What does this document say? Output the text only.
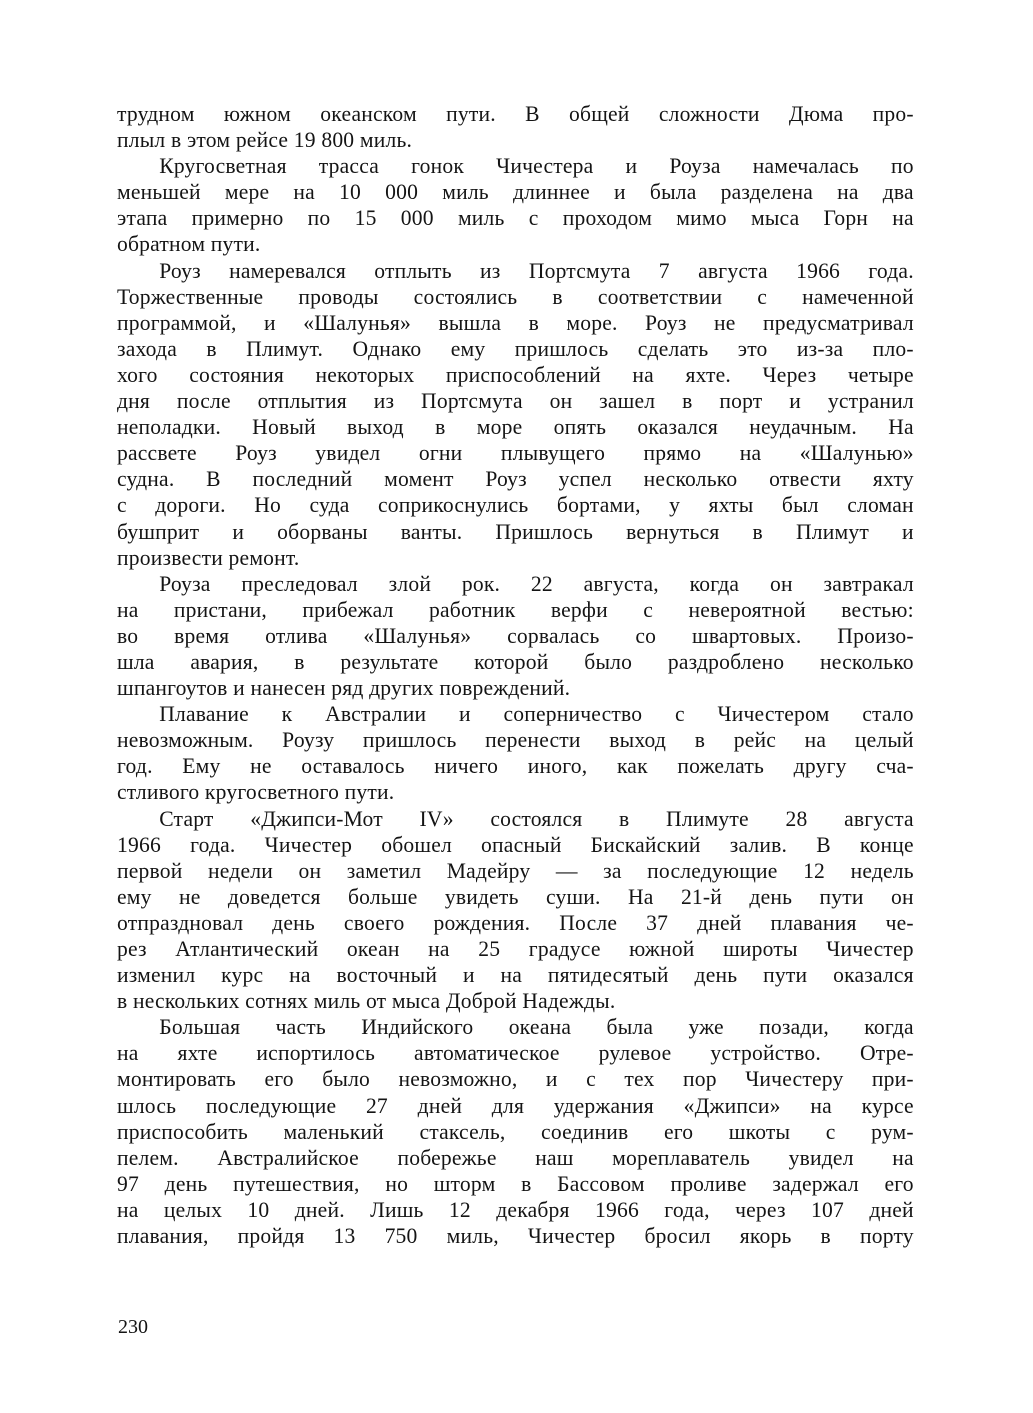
трудном южном океанском пути. В общей сложности Дюма про-
плыл в этом рейсе 19 800 миль.
Кругосветная трасса гонок Чичестера и Роуза намечалась по
меньшей мере на 10 000 миль длиннее и была разделена на два
этапа примерно по 15 000 миль с проходом мимо мыса Горн на
обратном пути.
Роуз намеревался отплыть из Портсмута 7 августа 1966 года.
Торжественные проводы состоялись в соответствии с намеченной
программой, и «Шалунья» вышла в море. Роуз не предусматривал
захода в Плимут. Однако ему пришлось сделать это из-за пло-
хого состояния некоторых приспособлений на яхте. Через четыре
дня после отплытия из Портсмута он зашел в порт и устранил
неполадки. Новый выход в море опять оказался неудачным. На
рассвете Роуз увидел огни плывущего прямо на «Шалунью»
судна. В последний момент Роуз успел несколько отвести яхту
с дороги. Но суда соприкоснулись бортами, у яхты был сломан
бушприт и оборваны ванты. Пришлось вернуться в Плимут и
произвести ремонт.
Роуза преследовал злой рок. 22 августа, когда он завтракал
на пристани, прибежал работник верфи с невероятной вестью:
во время отлива «Шалунья» сорвалась со швартовых. Произо-
шла авария, в результате которой было раздроблено несколько
шпангоутов и нанесен ряд других повреждений.
Плавание к Австралии и соперничество с Чичестером стало
невозможным. Роузу пришлось перенести выход в рейс на целый
год. Ему не оставалось ничего иного, как пожелать другу сча-
стливого кругосветного пути.
Старт «Джипси-Мот IV» состоялся в Плимуте 28 августа
1966 года. Чичестер обошел опасный Бискайский залив. В конце
первой недели он заметил Мадейру — за последующие 12 недель
ему не доведется больше увидеть суши. На 21-й день пути он
отпраздновал день своего рождения. После 37 дней плавания че-
рез Атлантический океан на 25 градусе южной широты Чичестер
изменил курс на восточный и на пятидесятый день пути оказался
в нескольких сотнях миль от мыса Доброй Надежды.
Большая часть Индийского океана была уже позади, когда
на яхте испортилось автоматическое рулевое устройство. Отре-
монтировать его было невозможно, и с тех пор Чичестеру при-
шлось последующие 27 дней для удержания «Джипси» на курсе
приспособить маленький стаксель, соединив его шкоты с рум-
пелем. Австралийское побережье наш мореплаватель увидел на
97 день путешествия, но шторм в Бассовом проливе задержал его
на целых 10 дней. Лишь 12 декабря 1966 года, через 107 дней
плавания, пройдя 13 750 миль, Чичестер бросил якорь в порту
230
